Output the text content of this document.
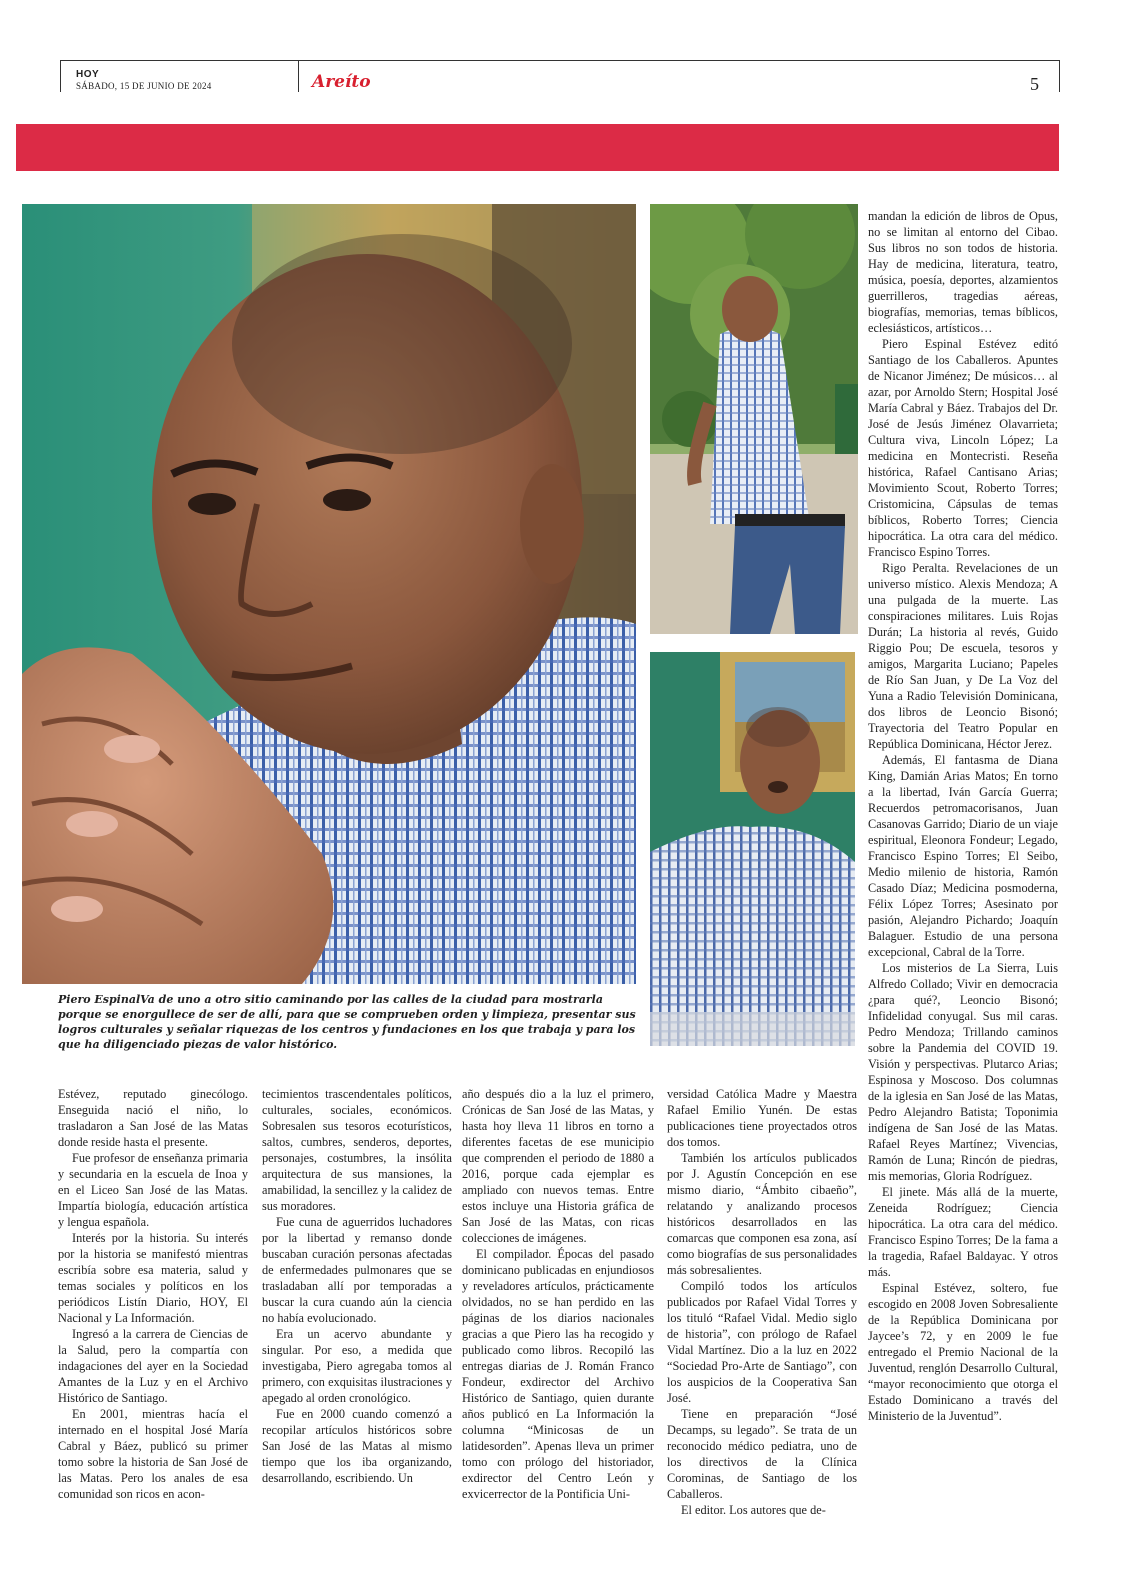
HOY
SÁBADO, 15 DE JUNIO DE 2024	Areíto	5
Piero EspinalVa de uno a otro sitio caminando por las calles de la ciudad para mostrarla porque se enorgullece de ser de allí, para que se comprueben orden y limpieza, presentar sus logros culturales y señalar riquezas de los centros y fundaciones en los que trabaja y para los que ha diligenciado piezas de valor histórico.

Estévez, reputado ginecólogo. Enseguida nació el niño, lo trasladaron a San José de las Matas donde reside hasta el presente.

Fue profesor de enseñanza primaria y secundaria en la escuela de Inoa y en el Liceo San José de las Matas. Impartía biología, educación artística y lengua española.

Interés por la historia. Su interés por la historia se manifestó mientras escribía sobre esa materia, salud y temas sociales y políticos en los periódicos Listín Diario, HOY, El Nacional y La Información.

Ingresó a la carrera de Ciencias de la Salud, pero la compartía con indagaciones del ayer en la Sociedad Amantes de la Luz y en el Archivo Histórico de Santiago.

En 2001, mientras hacía el internado en el hospital José María Cabral y Báez, publicó su primer tomo sobre la historia de San José de las Matas. Pero los anales de esa comunidad son ricos en acon-

tecimientos trascendentales políticos, culturales, sociales, económicos. Sobresalen sus tesoros ecoturísticos, saltos, cumbres, senderos, deportes, personajes, costumbres, la insólita arquitectura de sus mansiones, la amabilidad, la sencillez y la calidez de sus moradores.

Fue cuna de aguerridos luchadores por la libertad y remanso donde buscaban curación personas afectadas de enfermedades pulmonares que se trasladaban allí por temporadas a buscar la cura cuando aún la ciencia no había evolucionado.

Era un acervo abundante y singular. Por eso, a medida que investigaba, Piero agregaba tomos al primero, con exquisitas ilustraciones y apegado al orden cronológico.

Fue en 2000 cuando comenzó a recopilar artículos históricos sobre San José de las Matas al mismo tiempo que los iba organizando, desarrollando, escribiendo. Un

año después dio a la luz el primero, Crónicas de San José de las Matas, y hasta hoy lleva 11 libros en torno a diferentes facetas de ese municipio que comprenden el periodo de 1880 a 2016, porque cada ejemplar es ampliado con nuevos temas. Entre estos incluye una Historia gráfica de San José de las Matas, con ricas colecciones de imágenes.

El compilador. Épocas del pasado dominicano publicadas en enjundiosos y reveladores artículos, prácticamente olvidados, no se han perdido en las páginas de los diarios nacionales gracias a que Piero las ha recogido y publicado como libros. Recopiló las entregas diarias de J. Román Franco Fondeur, exdirector del Archivo Histórico de Santiago, quien durante años publicó en La Información la columna “Minicosas de un latidesorden”. Apenas lleva un primer tomo con prólogo del historiador, exdirector del Centro León y exvicerrector de la Pontificia Uni-

versidad Católica Madre y Maestra Rafael Emilio Yunén. De estas publicaciones tiene proyectados otros dos tomos.

También los artículos publicados por J. Agustín Concepción en ese mismo diario, “Ámbito cibaeño”, relatando y analizando procesos históricos desarrollados en las comarcas que componen esa zona, así como biografías de sus personalidades más sobresalientes.

Compiló todos los artículos publicados por Rafael Vidal Torres y los tituló “Rafael Vidal. Medio siglo de historia”, con prólogo de Rafael Vidal Martínez. Dio a la luz en 2022 “Sociedad Pro-Arte de Santiago”, con los auspicios de la Cooperativa San José.

Tiene en preparación “José Decamps, su legado”. Se trata de un reconocido médico pediatra, uno de los directivos de la Clínica Corominas, de Santiago de los Caballeros.

El editor. Los autores que de-

mandan la edición de libros de Opus, no se limitan al entorno del Cibao. Sus libros no son todos de historia. Hay de medicina, literatura, teatro, música, poesía, deportes, alzamientos guerrilleros, tragedias aéreas, biografías, memorias, temas bíblicos, eclesiásticos, artísticos…

Piero Espinal Estévez editó Santiago de los Caballeros. Apuntes de Nicanor Jiménez; De músicos… al azar, por Arnoldo Stern; Hospital José María Cabral y Báez. Trabajos del Dr. José de Jesús Jiménez Olavarrieta; Cultura viva, Lincoln López; La medicina en Montecristi. Reseña histórica, Rafael Cantisano Arias; Movimiento Scout, Roberto Torres; Cristomicina, Cápsulas de temas bíblicos, Roberto Torres; Ciencia hipocrática. La otra cara del médico. Francisco Espino Torres.

Rigo Peralta. Revelaciones de un universo místico. Alexis Mendoza; A una pulgada de la muerte. Las conspiraciones militares. Luis Rojas Durán; La historia al revés, Guido Riggio Pou; De escuela, tesoros y amigos, Margarita Luciano; Papeles de Río San Juan, y De La Voz del Yuna a Radio Televisión Dominicana, dos libros de Leoncio Bisonó; Trayectoria del Teatro Popular en República Dominicana, Héctor Jerez.

Además, El fantasma de Diana King, Damián Arias Matos; En torno a la libertad, Iván García Guerra; Recuerdos petromacorisanos, Juan Casanovas Garrido; Diario de un viaje espiritual, Eleonora Fondeur; Legado, Francisco Espino Torres; El Seibo, Medio milenio de historia, Ramón Casado Díaz; Medicina posmoderna, Félix López Torres; Asesinato por pasión, Alejandro Pichardo; Joaquín Balaguer. Estudio de una persona excepcional, Cabral de la Torre.

Los misterios de La Sierra, Luis Alfredo Collado; Vivir en democracia ¿para qué?, Leoncio Bisonó; Infidelidad conyugal. Sus mil caras. Pedro Mendoza; Trillando caminos sobre la Pandemia del COVID 19. Visión y perspectivas. Plutarco Arias; Espinosa y Moscoso. Dos columnas de la iglesia en San José de las Matas, Pedro Alejandro Batista; Toponimia indígena de San José de las Matas. Rafael Reyes Martínez; Vivencias, Ramón de Luna; Rincón de piedras, mis memorias, Gloria Rodríguez.

El jinete. Más allá de la muerte, Zeneida Rodríguez; Ciencia hipocrática. La otra cara del médico. Francisco Espino Torres; De la fama a la tragedia, Rafael Baldayac. Y otros más.

Espinal Estévez, soltero, fue escogido en 2008 Joven Sobresaliente de la República Dominicana por Jaycee’s 72, y en 2009 le fue entregado el Premio Nacional de la Juventud, renglón Desarrollo Cultural, “mayor reconocimiento que otorga el Estado Dominicano a través del Ministerio de la Juventud”.
